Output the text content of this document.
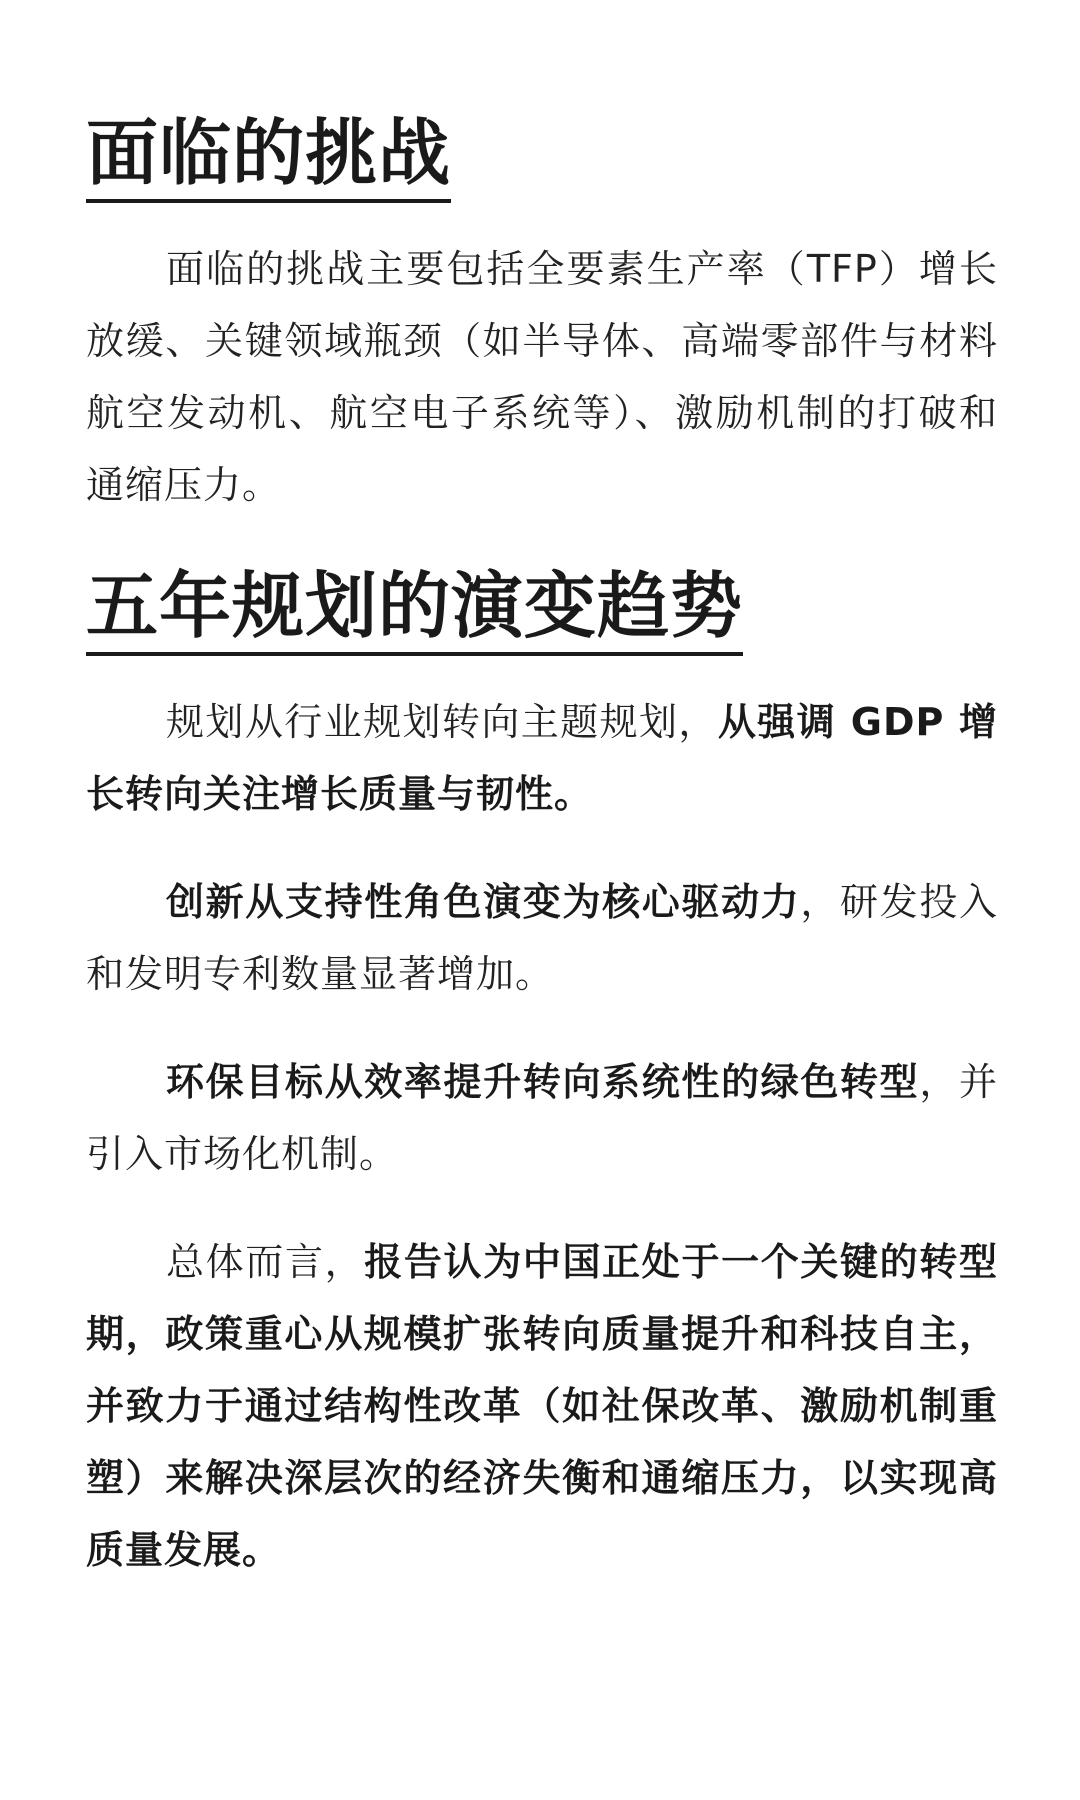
面临的挑战

面临的挑战主要包括全要素生产率（TFP）增长放缓、关键领域瓶颈（如半导体、高端零部件与材料航空发动机、航空电子系统等）、激励机制的打破和通缩压力。

五年规划的演变趋势

规划从行业规划转向主题规划，从强调 GDP 增长转向关注增长质量与韧性。

创新从支持性角色演变为核心驱动力，研发投入和发明专利数量显著增加。

环保目标从效率提升转向系统性的绿色转型，并引入市场化机制。

总体而言，报告认为中国正处于一个关键的转型期，政策重心从规模扩张转向质量提升和科技自主，并致力于通过结构性改革（如社保改革、激励机制重塑）来解决深层次的经济失衡和通缩压力，以实现高质量发展。
